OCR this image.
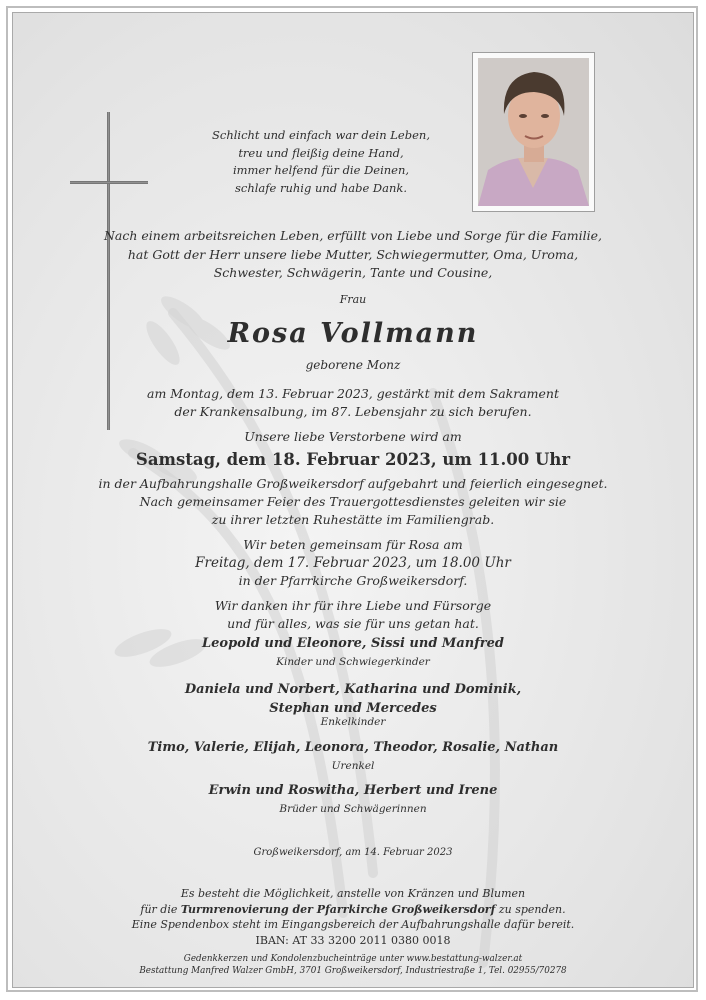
Schlicht und einfach war dein Leben,
treu und fleißig deine Hand,
immer helfend für die Deinen,
schlafe ruhig und habe Dank.
Nach einem arbeitsreichen Leben, erfüllt von Liebe und Sorge für die Familie,
hat Gott der Herr unsere liebe Mutter, Schwiegermutter, Oma, Uroma,
Schwester, Schwägerin, Tante und Cousine,
Frau
Rosa Vollmann
geborene Monz
am Montag, dem 13. Februar 2023, gestärkt mit dem Sakrament
der Krankensalbung, im 87. Lebensjahr zu sich berufen.
Unsere liebe Verstorbene wird am
Samstag, dem 18. Februar 2023, um 11.00 Uhr
in der Aufbahrungshalle Großweikersdorf aufgebahrt und feierlich eingesegnet.
Nach gemeinsamer Feier des Trauergottesdienstes geleiten wir sie
zu ihrer letzten Ruhestätte im Familiengrab.
Wir beten gemeinsam für Rosa am
Freitag, dem 17. Februar 2023, um 18.00 Uhr
in der Pfarrkirche Großweikersdorf.
Wir danken ihr für ihre Liebe und Fürsorge
und für alles, was sie für uns getan hat.
Leopold und Eleonore, Sissi und Manfred
Kinder und Schwiegerkinder
Daniela und Norbert, Katharina und Dominik,
Stephan und Mercedes
Enkelkinder
Timo, Valerie, Elijah, Leonora, Theodor, Rosalie, Nathan
Urenkel
Erwin und Roswitha, Herbert und Irene
Brüder und Schwägerinnen
Großweikersdorf, am 14. Februar 2023
Es besteht die Möglichkeit, anstelle von Kränzen und Blumen
für die Turmrenovierung der Pfarrkirche Großweikersdorf zu spenden.
Eine Spendenbox steht im Eingangsbereich der Aufbahrungshalle dafür bereit.
IBAN: AT 33 3200 2011 0380 0018
Gedenkkerzen und Kondolenzbucheinträge unter www.bestattung-walzer.at
Bestattung Manfred Walzer GmbH, 3701 Großweikersdorf, Industriestraße 1, Tel. 02955/70278
